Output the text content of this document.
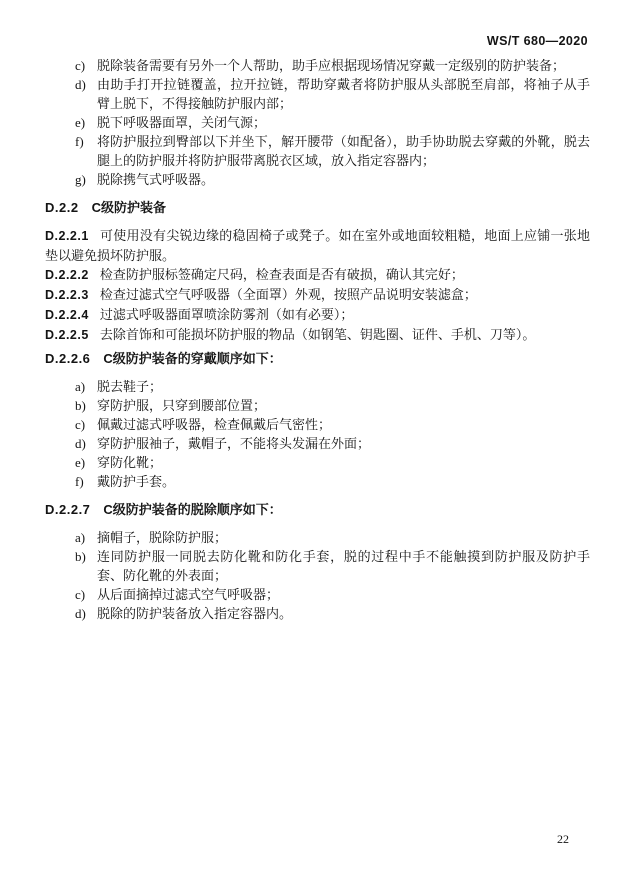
WS/T 680—2020
c) 脱除装备需要有另外一个人帮助，助手应根据现场情况穿戴一定级别的防护装备；
d) 由助手打开拉链覆盖，拉开拉链，帮助穿戴者将防护服从头部脱至肩部，将袖子从手臂上脱下，不得接触防护服内部；
e) 脱下呼吸器面罩，关闭气源；
f)	将防护服拉到臀部以下并坐下，解开腰带（如配备），助手协助脱去穿戴的外靴，脱去腿上的防护服并将防护服带离脱衣区域，放入指定容器内；
g) 脱除携气式呼吸器。
D.2.2 C级防护装备

D.2.2.1 可使用没有尖锐边缘的稳固椅子或凳子。如在室外或地面较粗糙，地面上应铺一张地垫以避免损坏防护服。

D.2.2.2 检查防护服标签确定尺码，检查表面是否有破损，确认其完好；

D.2.2.3 检查过滤式空气呼吸器（全面罩）外观，按照产品说明安装滤盒；

D.2.2.4 过滤式呼吸器面罩喷涂防雾剂（如有必要）；

D.2.2.5 去除首饰和可能损坏防护服的物品（如钢笔、钥匙圈、证件、手机、刀等）。

D.2.2.6 C级防护装备的穿戴顺序如下：
a) 脱去鞋子；
b) 穿防护服，只穿到腰部位置；
c) 佩戴过滤式呼吸器，检查佩戴后气密性；
d) 穿防护服袖子，戴帽子，不能将头发漏在外面；
e) 穿防化靴；
f)	戴防护手套。
D.2.2.7 C级防护装备的脱除顺序如下：
a) 摘帽子，脱除防护服；
b) 连同防护服一同脱去防化靴和防化手套，脱的过程中手不能触摸到防护服及防护手套、防化靴的外表面；
c) 从后面摘掉过滤式空气呼吸器；
d) 脱除的防护装备放入指定容器内。
22
